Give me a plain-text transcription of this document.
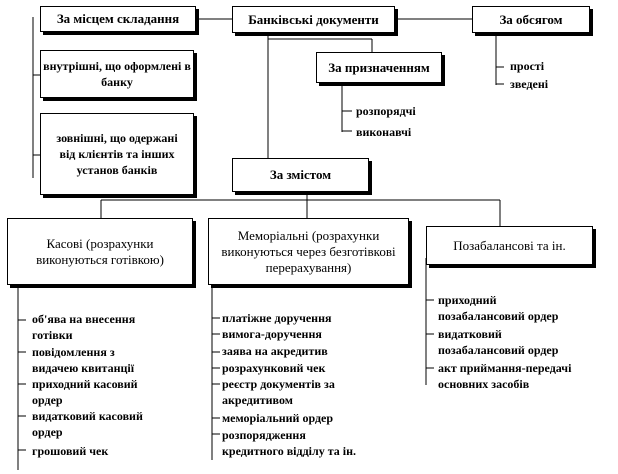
За місцем складання	Банківські документи	За обсягом
внутрішні, що оформлені в банку
зовнішні, що одержані від клієнтів та інших установ банків
За призначенням
За змістом
Касові (розрахунки виконуються готівкою)
Меморіальні (розрахунки виконуються через безготівкові перерахування)
Позабалансові та ін.
прості
зведені
розпорядчі
виконавчі
об'ява на внесення
готівки
повідомлення з
видачею квитанції
приходний касовий
ордер
видатковий касовий
ордер
грошовий чек
платіжне доручення
вимога-доручення
заява на акредитив
розрахунковий чек
реєстр документів за
акредитивом
меморіальний ордер
розпорядження
кредитного відділу та ін.
приходний
позабалансовий ордер
видатковий
позабалансовий ордер
акт приймання-передачі
основних засобів
